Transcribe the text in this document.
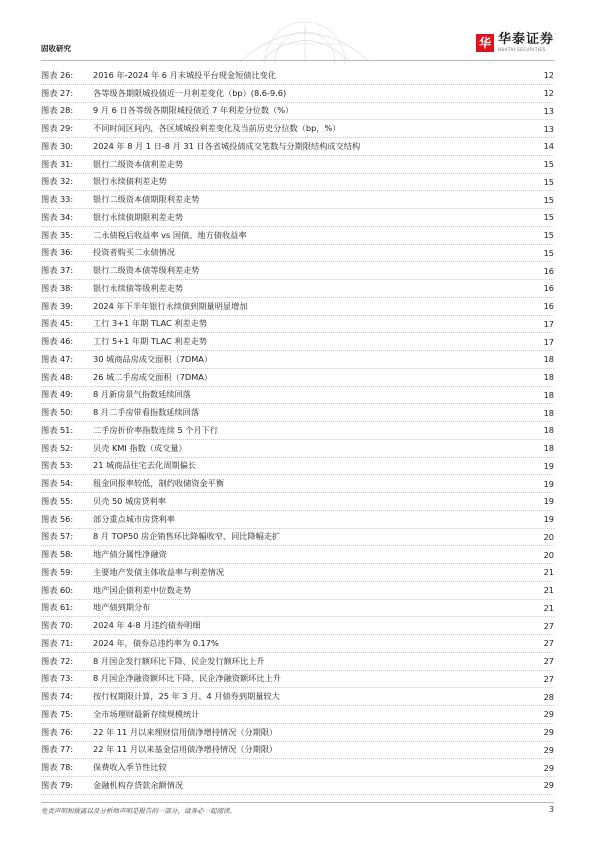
固收研究	华 华泰证券
HUATAI SECURITIES
图表 26:	2016 年-2024 年 6 月末城投平台现金短债比变化	12
图表 27:	各等级各期限城投债近一月利差变化（bp）(8.6-9.6)	12
图表 28:	9 月 6 日各等级各期限城投债近 7 年利差分位数（%）	13
图表 29:	不同时间区间内，各区域城投利差变化及当前历史分位数（bp，%）	13
图表 30:	2024 年 8 月 1 日-8 月 31 日各省城投债成交笔数与分期限结构成交结构	14
图表 31:	银行二级资本债利差走势	15
图表 32:	银行永续债利差走势	15
图表 33:	银行二级资本债期限利差走势	15
图表 34:	银行永续债期限利差走势	15
图表 35:	二永债税后收益率 vs 国债、地方债收益率	15
图表 36:	投资者购买二永债情况	15
图表 37:	银行二级资本债等级利差走势	16
图表 38:	银行永续债等级利差走势	16
图表 39:	2024 年下半年银行永续债到期量明显增加	16
图表 45:	工行 3+1 年期 TLAC 利差走势	17
图表 46:	工行 5+1 年期 TLAC 利差走势	17
图表 47:	30 城商品房成交面积（7DMA）	18
图表 48:	26 城二手房成交面积（7DMA）	18
图表 49:	8 月新房景气指数延续回落	18
图表 50:	8 月二手房带看指数延续回落	18
图表 51:	二手房折价率指数连续 5 个月下行	18
图表 52:	贝壳 KMI 指数（成交量）	18
图表 53:	21 城商品住宅去化周期偏长	19
图表 54:	租金回报率较低，制约收储资金平衡	19
图表 55:	贝壳 50 城房贷利率	19
图表 56:	部分重点城市房贷利率	19
图表 57:	8 月 TOP50 房企销售环比降幅收窄、同比降幅走扩	20
图表 58:	地产债分属性净融资	20
图表 59:	主要地产发债主体收益率与利差情况	21
图表 60:	地产国企债利差中位数走势	21
图表 61:	地产债到期分布	21
图表 70:	2024 年 4-8 月违约债券明细	27
图表 71:	2024 年，债券总违约率为 0.17%	27
图表 72:	8 月国企发行额环比下降、民企发行额环比上升	27
图表 73:	8 月国企净融资额环比下降、民企净融资额环比上升	27
图表 74:	按行权期限计算，25 年 3 月、4 月债券到期量较大	28
图表 75:	全市场理财最新存续规模统计	29
图表 76:	22 年 11 月以来理财信用债净增持情况（分期限）	29
图表 77:	22 年 11 月以来基金信用债净增持情况（分期限）	29
图表 78:	保费收入季节性比较	29
图表 79:	金融机构存贷款余额情况	29
免责声明和披露以及分析师声明是报告的一部分，请务必一起阅读。	3
